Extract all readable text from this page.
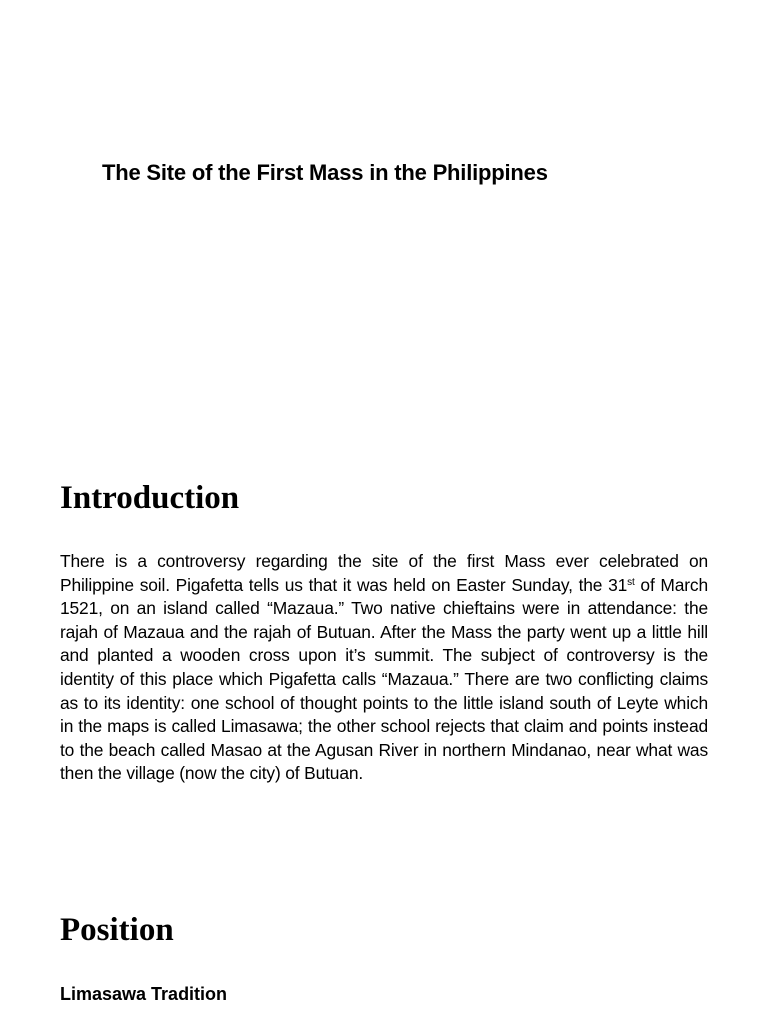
The Site of the First Mass in the Philippines
Introduction

There is a controversy regarding the site of the first Mass ever celebrated on Philippine soil. Pigafetta tells us that it was held on Easter Sunday, the 31st of March 1521, on an island called “Mazaua.” Two native chieftains were in attendance: the rajah of Mazaua and the rajah of Butuan. After the Mass the party went up a little hill and planted a wooden cross upon it’s summit. The subject of controversy is the identity of this place which Pigafetta calls “Mazaua.” There are two conflicting claims as to its identity: one school of thought points to the little island south of Leyte which in the maps is called Limasawa; the other school rejects that claim and points instead to the beach called Masao at the Agusan River in northern Mindanao, near what was then the village (now the city) of Butuan.

Position
Limasawa Tradition
